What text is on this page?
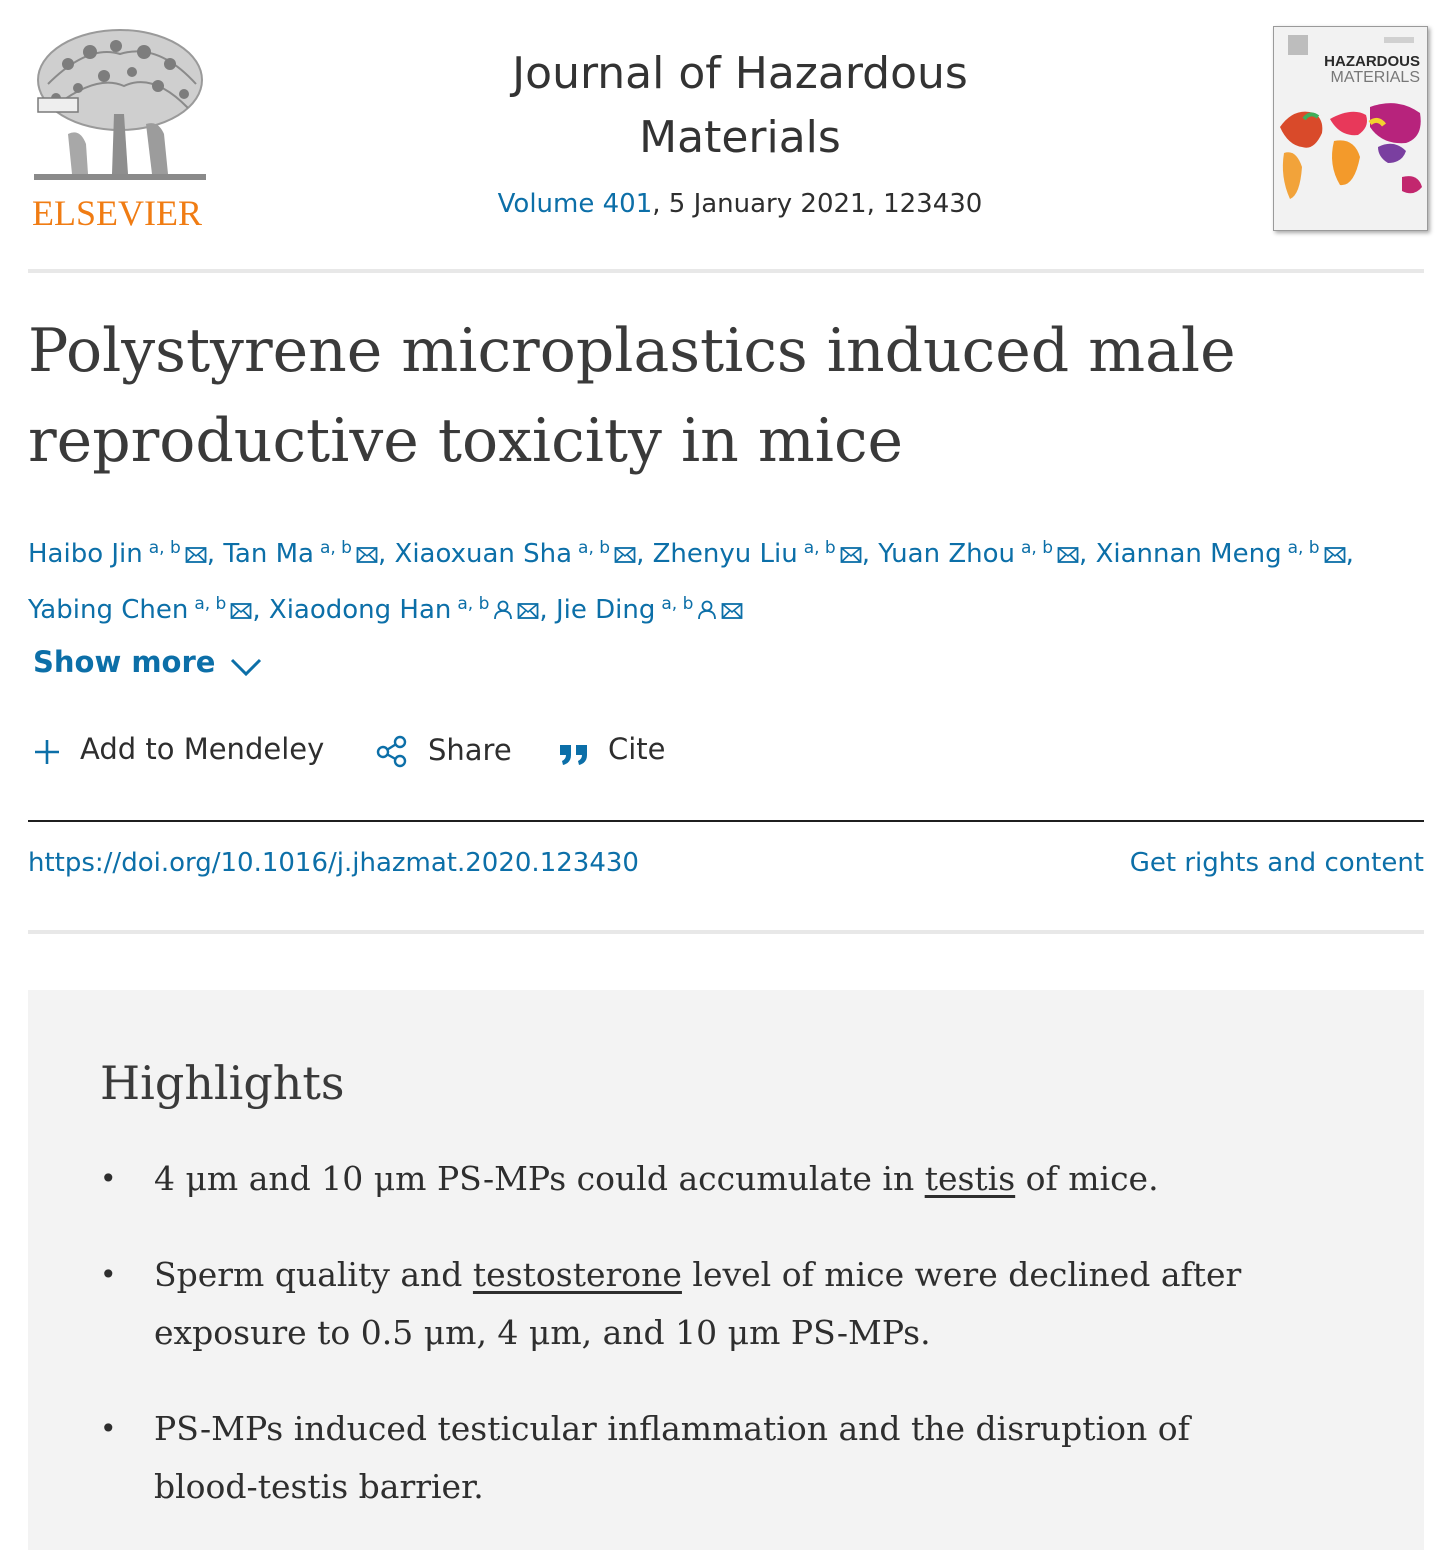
ELSEVIER
Journal of Hazardous Materials
Volume 401, 5 January 2021, 123430
HAZARDOUS
MATERIALS
Polystyrene microplastics induced male reproductive toxicity in mice
Haibo Jin $^{a, b}$ , Tan Ma $^{a, b}$ , Xiaoxuan Sha $^{a, b}$ , Zhenyu Liu $^{a, b}$ , Yuan Zhou $^{a, b}$ , Xiannan Meng $^{a, b}$ , Yabing Chen $^{a, b}$ , Xiaodong Han $^{a, b}$ , Jie Ding $^{a, b}$
Show more
Add to Mendeley	Share	Cite
https://doi.org/10.1016/j.jhazmat.2020.123430	Get rights and content
Highlights
• 4 μm and 10 μm PS-MPs could accumulate in testis of mice.
• Sperm quality and testosterone level of mice were declined after exposure to 0.5 μm, 4 μm, and 10 μm PS-MPs.
• PS-MPs induced testicular inflammation and the disruption of blood-testis barrier.
